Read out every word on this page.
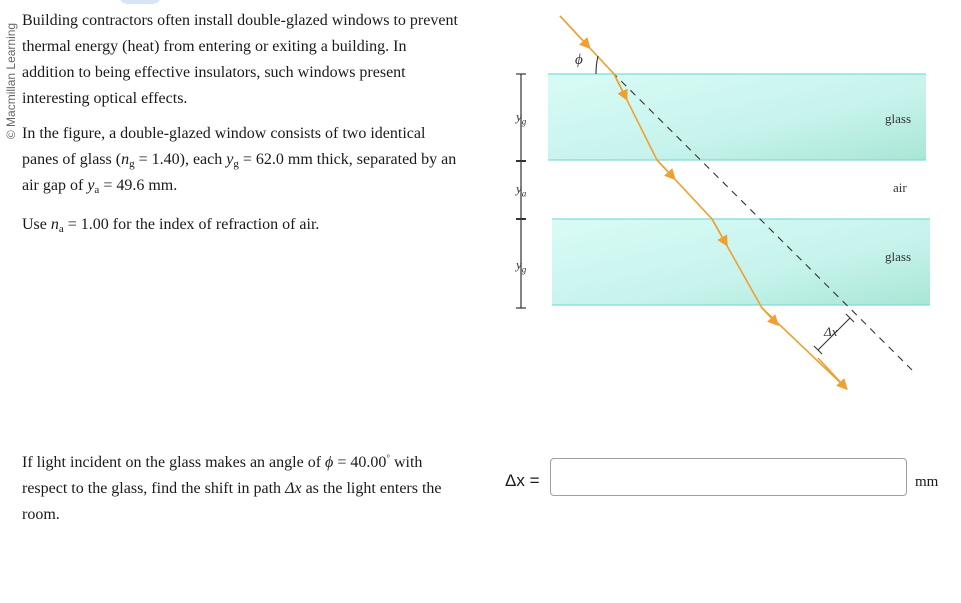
© Macmillan Learning
Building contractors often install double-glazed windows to prevent thermal energy (heat) from entering or exiting a building. In addition to being effective insulators, such windows present interesting optical effects.
In the figure, a double-glazed window consists of two identical panes of glass $(n_g = 1.40)$, each $y_g = 62.0$ mm thick, separated by an air gap of $y_a = 49.6$ mm.
Use $n_a = 1.00$ for the index of refraction of air.
If light incident on the glass makes an angle of ϕ = 40.00° with respect to the glass, find the shift in path Δx as the light enters the room.
ϕ
$y_g$
$y_a$
$y_g$
glass
air
glass
Δx
Δx =	mm
